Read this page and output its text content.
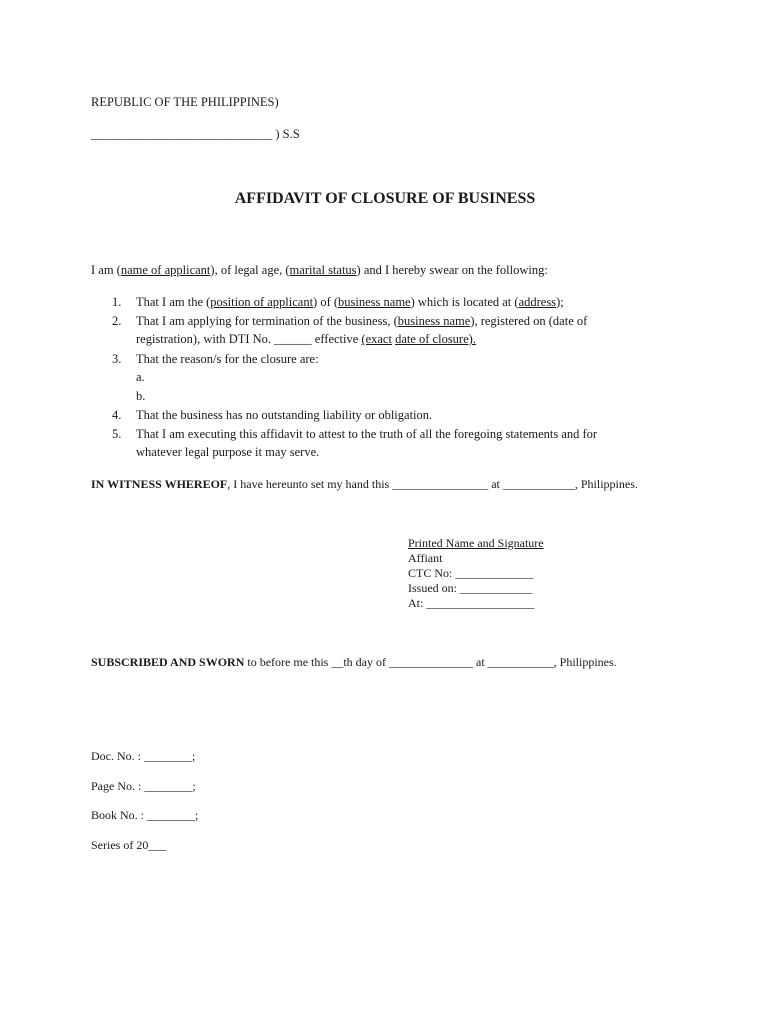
REPUBLIC OF THE PHILIPPINES)
_____________________________ ) S.S
AFFIDAVIT OF CLOSURE OF BUSINESS
I am (name of applicant), of legal age, (marital status) and I hereby swear on the following:
1. That I am the (position of applicant) of (business name) which is located at (address);
2. That I am applying for termination of the business, (business name), registered on (date of
registration), with DTI No. ______ effective (exact date of closure).
3. That the reason/s for the closure are:
a.
b.
4. That the business has no outstanding liability or obligation.
5. That I am executing this affidavit to attest to the truth of all the foregoing statements and for
whatever legal purpose it may serve.
IN WITNESS WHEREOF, I have hereunto set my hand this ________________ at ____________, Philippines.
Printed Name and Signature
Affiant
CTC No: _____________
Issued on: ____________
At: __________________
SUBSCRIBED AND SWORN to before me this __th day of ______________ at ___________, Philippines.
Doc. No. : ________;
Page No. : ________;
Book No. : ________;
Series of 20___
